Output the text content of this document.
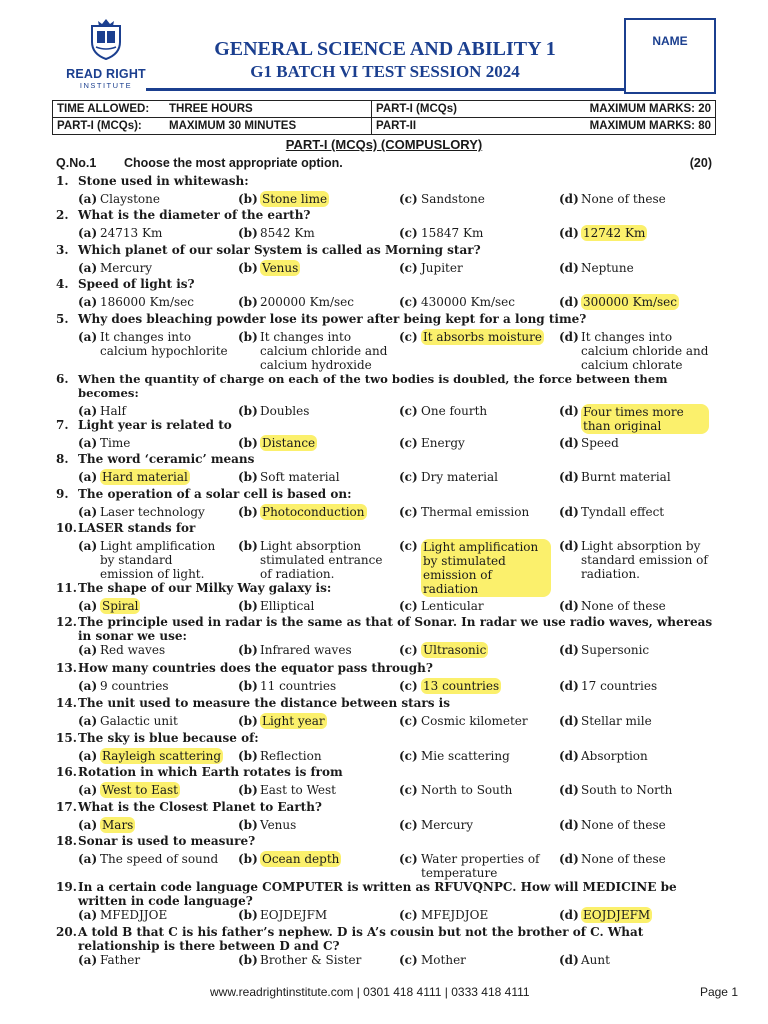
READ RIGHT
INSTITUTE
GENERAL SCIENCE AND ABILITY 1
G1 BATCH VI TEST SESSION 2024
NAME
TIME ALLOWED:	THREE HOURS	PART-I (MCQs)	MAXIMUM MARKS: 20
PART-I (MCQs):	MAXIMUM 30 MINUTES	PART-II	MAXIMUM MARKS: 80
PART-I (MCQs) (COMPUSLORY)
Q.No.1 Choose the most appropriate option.	(20)
1. Stone used in whitewash:
(a) Claystone	(b) Stone lime	(c) Sandstone	(d) None of these
2. What is the diameter of the earth?
(a) 24713 Km	(b) 8542 Km	(c) 15847 Km	(d) 12742 Km
3. Which planet of our solar System is called as Morning star?
(a) Mercury	(b) Venus	(c) Jupiter	(d) Neptune
4. Speed of light is?
(a) 186000 Km/sec	(b) 200000 Km/sec	(c) 430000 Km/sec	(d) 300000 Km/sec
5. Why does bleaching powder lose its power after being kept for a long time?
(a) It changes into calcium hypochlorite
(b) It changes into calcium chloride and calcium hydroxide
(c) It absorbs moisture	(d) It changes into calcium chloride and calcium chlorate
6. When the quantity of charge on each of the two bodies is doubled, the force between them becomes:
(a) Half	(b) Doubles	(c) One fourth	(d) Four times more than original
7. Light year is related to
(a) Time	(b) Distance	(c) Energy	(d) Speed
8. The word ‘ceramic’ means
(a) Hard material	(b) Soft material	(c) Dry material	(d) Burnt material
9. The operation of a solar cell is based on:
(a) Laser technology	(b) Photoconduction	(c) Thermal emission	(d) Tyndall effect
10. LASER stands for
(a) Light amplification by standard emission of light.
(b) Light absorption stimulated entrance of radiation.
(c) Light amplification by stimulated emission of radiation
(d) Light absorption by standard emission of radiation.
11. The shape of our Milky Way galaxy is:
(a) Spiral	(b) Elliptical	(c) Lenticular	(d) None of these
12. The principle used in radar is the same as that of Sonar. In radar we use radio waves, whereas in sonar we use:
(a) Red waves	(b) Infrared waves	(c) Ultrasonic	(d) Supersonic
13. How many countries does the equator pass through?
(a) 9 countries	(b) 11 countries	(c) 13 countries	(d) 17 countries
14. The unit used to measure the distance between stars is
(a) Galactic unit	(b) Light year	(c) Cosmic kilometer	(d) Stellar mile
15. The sky is blue because of:
(a) Rayleigh scattering	(b) Reflection	(c) Mie scattering	(d) Absorption
16. Rotation in which Earth rotates is from
(a) West to East	(b) East to West	(c) North to South	(d) South to North
17. What is the Closest Planet to Earth?
(a) Mars	(b) Venus	(c) Mercury	(d) None of these
18. Sonar is used to measure?
(a) The speed of sound	(b) Ocean depth	(c) Water properties of temperature
(d) None of these
19. In a certain code language COMPUTER is written as RFUVQNPC. How will MEDICINE be written in code language?
(a) MFEDJJOE	(b) EOJDEJFM	(c) MFEJDJOE	(d) EOJDJEFM
20. A told B that C is his father’s nephew. D is A’s cousin but not the brother of C. What relationship is there between D and C?
(a) Father	(b) Brother & Sister	(c) Mother	(d) Aunt
www.readrightinstitute.com | 0301 418 4111 | 0333 418 4111	Page 1
